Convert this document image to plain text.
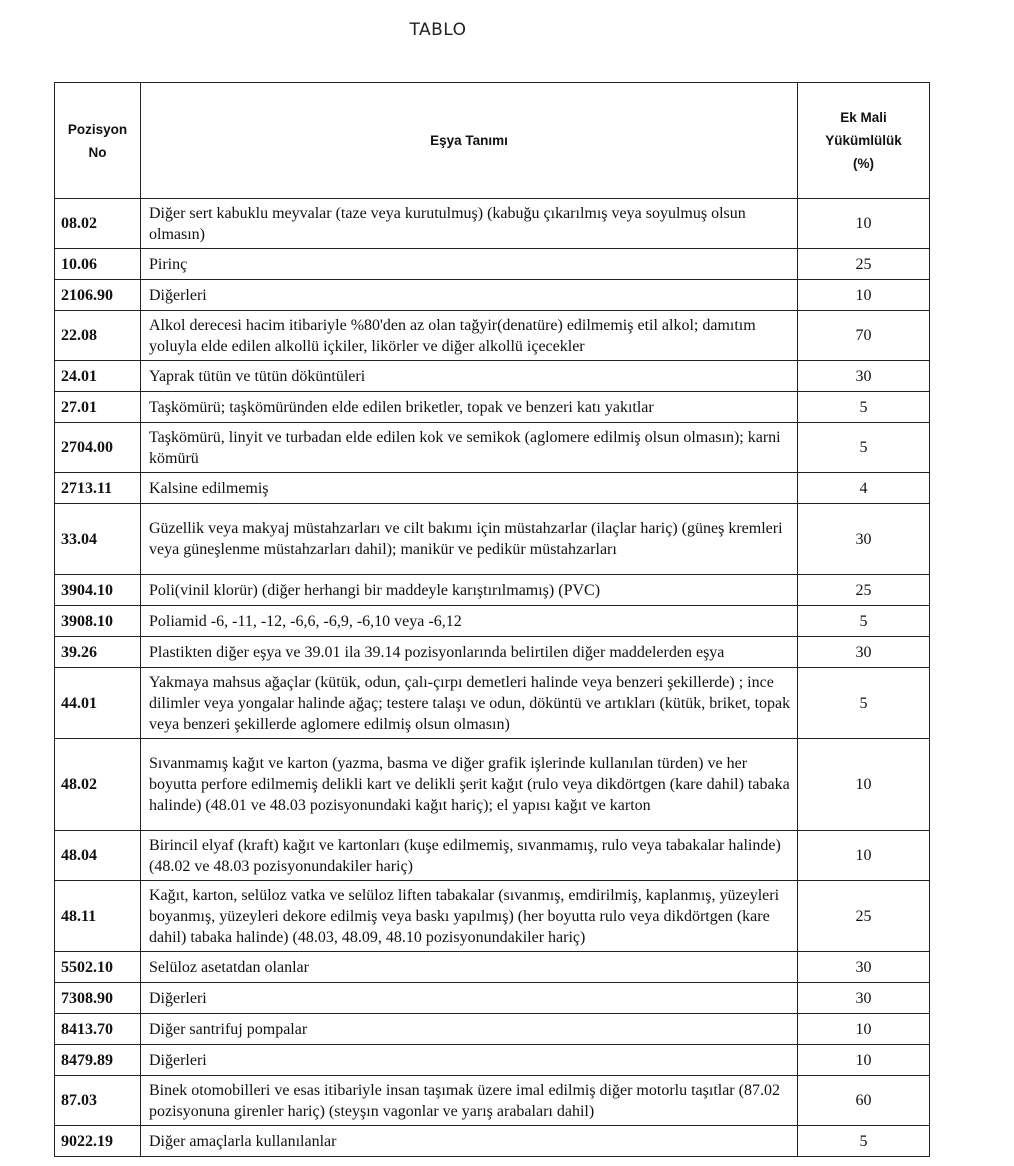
TABLO
Pozisyon
No	Eşya Tanımı	Ek Mali
Yükümlülük
(%)
08.02	Diğer sert kabuklu meyvalar (taze veya kurutulmuş) (kabuğu çıkarılmış veya soyulmuş olsun olmasın)	10
10.06	Pirinç	25
2106.90	Diğerleri	10
22.08	Alkol derecesi hacim itibariyle %80'den az olan tağyir(denatüre) edilmemiş etil alkol; damıtım yoluyla elde edilen alkollü içkiler, likörler ve diğer alkollü içecekler	70
24.01	Yaprak tütün ve tütün döküntüleri	30
27.01	Taşkömürü; taşkömüründen elde edilen briketler, topak ve benzeri katı yakıtlar	5
2704.00	Taşkömürü, linyit ve turbadan elde edilen kok ve semikok (aglomere edilmiş olsun olmasın); karni kömürü	5
2713.11	Kalsine edilmemiş	4
33.04	Güzellik veya makyaj müstahzarları ve cilt bakımı için müstahzarlar (ilaçlar hariç) (güneş kremleri veya güneşlenme müstahzarları dahil); manikür ve pedikür müstahzarları	30
3904.10	Poli(vinil klorür) (diğer herhangi bir maddeyle karıştırılmamış) (PVC)	25
3908.10	Poliamid -6, -11, -12, -6,6, -6,9, -6,10 veya -6,12	5
39.26	Plastikten diğer eşya ve 39.01 ila 39.14 pozisyonlarında belirtilen diğer maddelerden eşya	30
44.01	Yakmaya mahsus ağaçlar (kütük, odun, çalı-çırpı demetleri halinde veya benzeri şekillerde) ; ince dilimler veya yongalar halinde ağaç; testere talaşı ve odun, döküntü ve artıkları (kütük, briket, topak veya benzeri şekillerde aglomere edilmiş olsun olmasın)	5
48.02	Sıvanmamış kağıt ve karton (yazma, basma ve diğer grafik işlerinde kullanılan türden) ve her boyutta perfore edilmemiş delikli kart ve delikli şerit kağıt (rulo veya dikdörtgen (kare dahil) tabaka halinde) (48.01 ve 48.03 pozisyonundaki kağıt hariç); el yapısı kağıt ve karton	10
48.04	Birincil elyaf (kraft) kağıt ve kartonları (kuşe edilmemiş, sıvanmamış, rulo veya tabakalar halinde) (48.02 ve 48.03 pozisyonundakiler hariç)	10
48.11	Kağıt, karton, selüloz vatka ve selüloz liften tabakalar (sıvanmış, emdirilmiş, kaplanmış, yüzeyleri boyanmış, yüzeyleri dekore edilmiş veya baskı yapılmış) (her boyutta rulo veya dikdörtgen (kare dahil) tabaka halinde) (48.03, 48.09, 48.10 pozisyonundakiler hariç)	25
5502.10	Selüloz asetatdan olanlar	30
7308.90	Diğerleri	30
8413.70	Diğer santrifuj pompalar	10
8479.89	Diğerleri	10
87.03	Binek otomobilleri ve esas itibariyle insan taşımak üzere imal edilmiş diğer motorlu taşıtlar (87.02 pozisyonuna girenler hariç) (steyşın vagonlar ve yarış arabaları dahil)	60
9022.19	Diğer amaçlarla kullanılanlar	5
